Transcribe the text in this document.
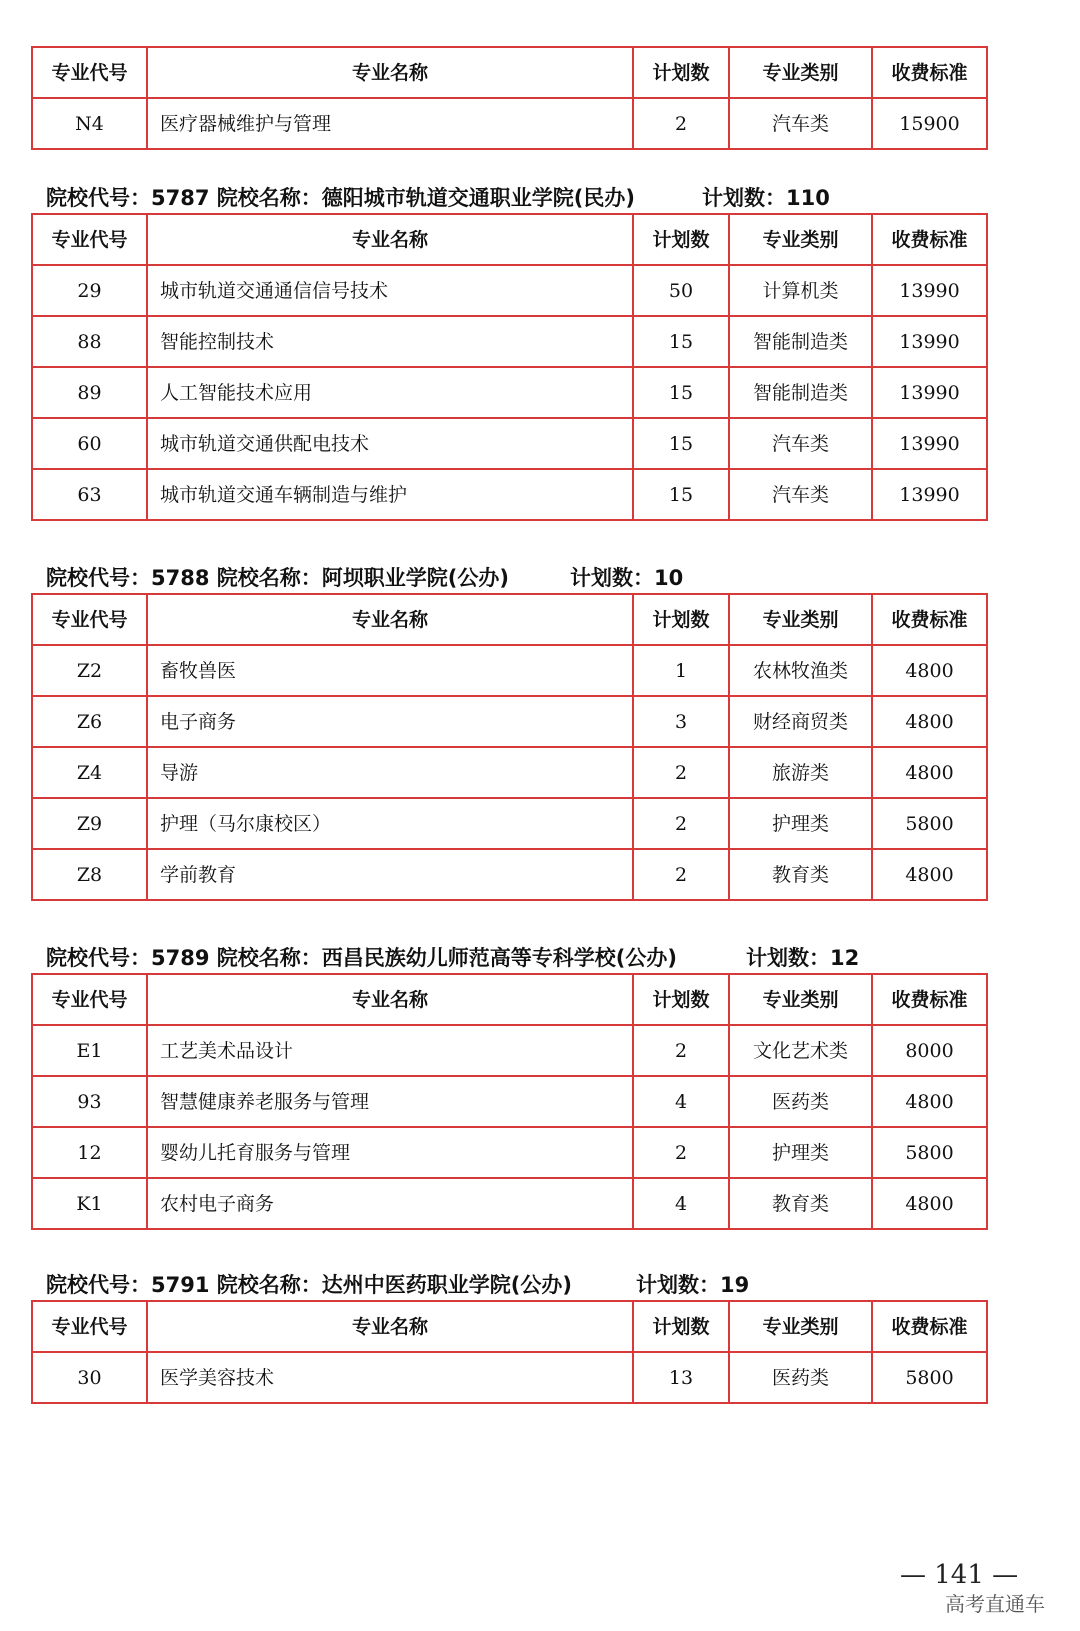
专业代号	专业名称	计划数	专业类别	收费标准
N4	医疗器械维护与管理	2	汽车类	15900
院校代号：5787 院校名称：德阳城市轨道交通职业学院(民办)	计划数：110
专业代号	专业名称	计划数	专业类别	收费标准
29	城市轨道交通通信信号技术	50	计算机类	13990
88	智能控制技术	15	智能制造类	13990
89	人工智能技术应用	15	智能制造类	13990
60	城市轨道交通供配电技术	15	汽车类	13990
63	城市轨道交通车辆制造与维护	15	汽车类	13990
院校代号：5788 院校名称：阿坝职业学院(公办)	计划数：10
专业代号	专业名称	计划数	专业类别	收费标准
Z2	畜牧兽医	1	农林牧渔类	4800
Z6	电子商务	3	财经商贸类	4800
Z4	导游	2	旅游类	4800
Z9	护理（马尔康校区）	2	护理类	5800
Z8	学前教育	2	教育类	4800
院校代号：5789 院校名称：西昌民族幼儿师范高等专科学校(公办)	计划数：12
专业代号	专业名称	计划数	专业类别	收费标准
E1	工艺美术品设计	2	文化艺术类	8000
93	智慧健康养老服务与管理	4	医药类	4800
12	婴幼儿托育服务与管理	2	护理类	5800
K1	农村电子商务	4	教育类	4800
院校代号：5791 院校名称：达州中医药职业学院(公办)	计划数：19
专业代号	专业名称	计划数	专业类别	收费标准
30	医学美容技术	13	医药类	5800
— 141 —
高考直通车
